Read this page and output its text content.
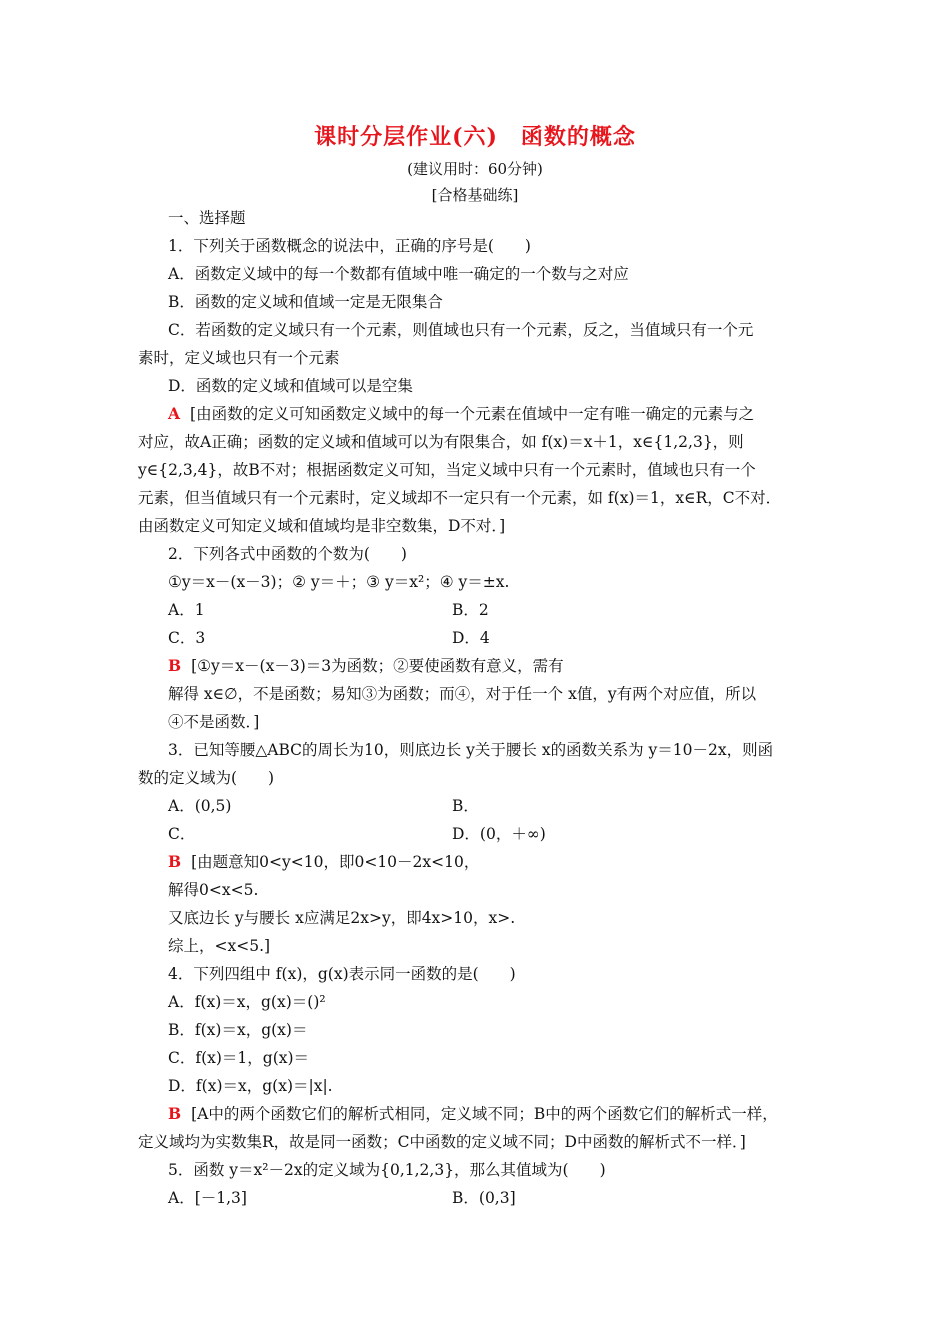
课时分层作业(六)　函数的概念
(建议用时：60分钟)
[合格基础练]
一、选择题
1．下列关于函数概念的说法中，正确的序号是(　　)
A．函数定义域中的每一个数都有值域中唯一确定的一个数与之对应
B．函数的定义域和值域一定是无限集合
C．若函数的定义域只有一个元素，则值域也只有一个元素，反之，当值域只有一个元
素时，定义域也只有一个元素
D．函数的定义域和值域可以是空集
A [由函数的定义可知函数定义域中的每一个元素在值域中一定有唯一确定的元素与之
对应，故A正确；函数的定义域和值域可以为有限集合，如 f(x)＝x＋1，x∈{1,2,3}，则
y∈{2,3,4}，故B不对；根据函数定义可知，当定义域中只有一个元素时，值域也只有一个
元素，但当值域只有一个元素时，定义域却不一定只有一个元素，如 f(x)＝1，x∈R，C不对．
由函数定义可知定义域和值域均是非空数集，D不对．]
2．下列各式中函数的个数为(　　)
①y＝x－(x－3)；② y＝＋；③ y＝x²；④ y＝±x.
B [①y＝x－(x－3)＝3为函数；②要使函数有意义，需有
解得 x∈∅，不是函数；易知③为函数；而④，对于任一个 x值，y有两个对应值，所以
④不是函数．]
3．已知等腰△ABC的周长为10，则底边长 y关于腰长 x的函数关系为 y＝10－2x，则函
数的定义域为(　　)
B [由题意知0<y<10，即0<10－2x<10，
解得0<x<5.
又底边长 y与腰长 x应满足2x>y，即4x>10，x>.
综上，<x<5.]
4．下列四组中 f(x)，g(x)表示同一函数的是(　　)
A．f(x)＝x，g(x)＝()²
B．f(x)＝x，g(x)＝
C．f(x)＝1，g(x)＝
D．f(x)＝x，g(x)＝|x|.
B [A中的两个函数它们的解析式相同，定义域不同；B中的两个函数它们的解析式一样，
定义域均为实数集R，故是同一函数；C中函数的定义域不同；D中函数的解析式不一样．]
5．函数 y＝x²－2x的定义域为{0,1,2,3}，那么其值域为(　　)
A．1	B．2
C．3	D．4
A．(0,5)	B．
C．	D．(0，＋∞)
A．[－1,3]	B．(0,3]
